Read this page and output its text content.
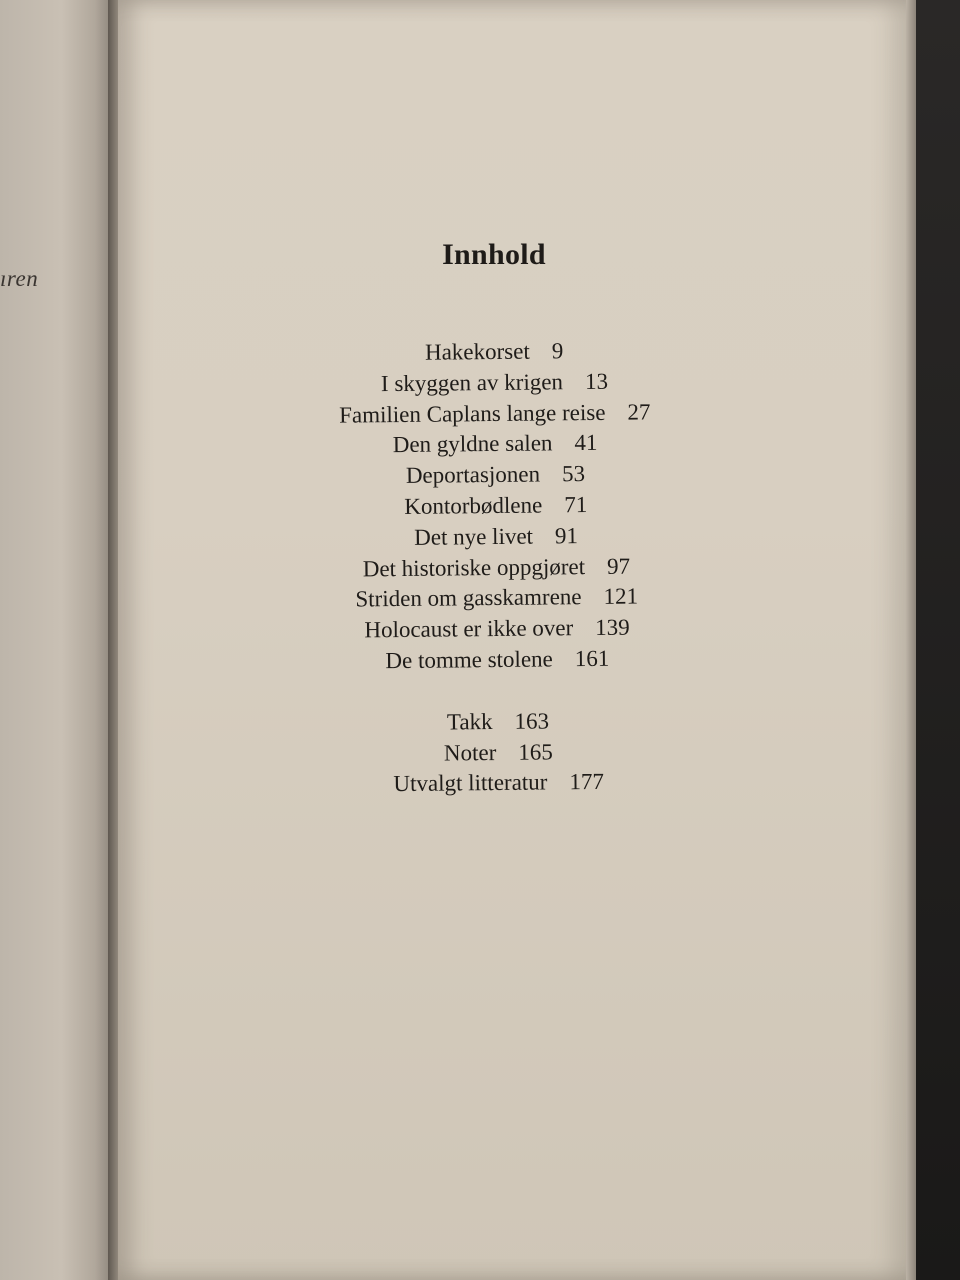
ıren
Innhold
Hakekorset 9
I skyggen av krigen 13
Familien Caplans lange reise 27
Den gyldne salen 41
Deportasjonen 53
Kontorbødlene 71
Det nye livet 91
Det historiske oppgjøret 97
Striden om gasskamrene 121
Holocaust er ikke over 139
De tomme stolene 161
Takk 163
Noter 165
Utvalgt litteratur 177
